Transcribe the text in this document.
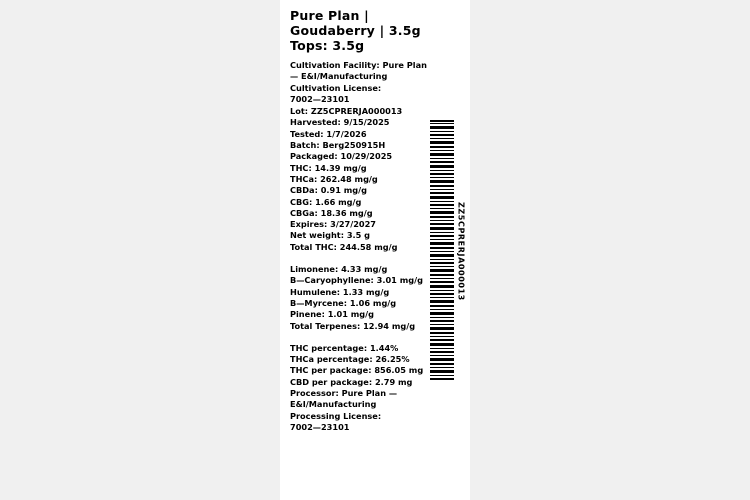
Pure Plan | Goudaberry | 3.5g Tops: 3.5g
Cultivation Facility: Pure Plan
— E&I/Manufacturing
Cultivation License:
7002—23101
Lot: ZZ5CPRERJA000013
Harvested: 9/15/2025
Tested: 1/7/2026
Batch: Berg250915H
Packaged: 10/29/2025
THC: 14.39 mg/g
THCa: 262.48 mg/g
CBDa: 0.91 mg/g
CBG: 1.66 mg/g
CBGa: 18.36 mg/g
Expires: 3/27/2027
Net weight: 3.5 g
Total THC: 244.58 mg/g
Limonene: 4.33 mg/g
B—Caryophyllene: 3.01 mg/g
Humulene: 1.33 mg/g
B—Myrcene: 1.06 mg/g
Pinene: 1.01 mg/g
Total Terpenes: 12.94 mg/g
THC percentage: 1.44%
THCa percentage: 26.25%
THC per package: 856.05 mg
CBD per package: 2.79 mg
Processor: Pure Plan —
E&I/Manufacturing
Processing License:
7002—23101
ZZ5CPRERJA000013
